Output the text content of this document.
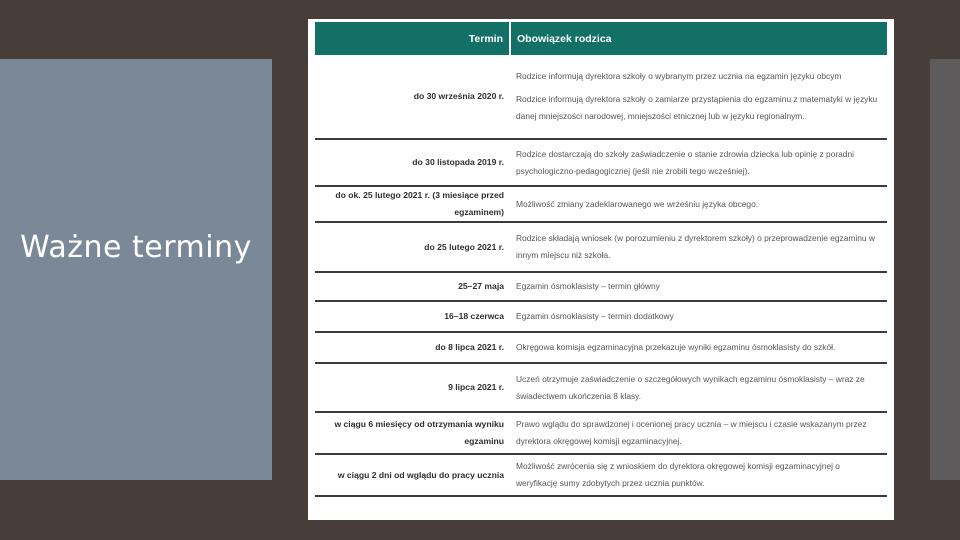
Ważne terminy
Termin	Obowiązek rodzica
do 30 września 2020 r.	Rodzice informują dyrektora szkoły o wybranym przez ucznia na egzamin języku obcym
Rodzice informują dyrektora szkoły o zamiarze przystąpienia do egzaminu z matematyki w języku danej mniejszości narodowej, mniejszości etnicznej lub w języku regionalnym.

do 30 listopada 2019 r.	Rodzice dostarczają do szkoły zaświadczenie o stanie zdrowia dziecka lub opinię z poradni psychologiczno-pedagogicznej (jeśli nie zrobili tego wcześniej).

do ok. 25 lutego 2021 r. (3 miesiące przed egzaminem)	Możliwość zmiany zadeklarowanego we wrześniu języka obcego.

do 25 lutego 2021 r.	Rodzice składają wniosek (w porozumieniu z dyrektorem szkoły) o przeprowadzenie egzaminu w innym miejscu niż szkoła.

25–27 maja	Egzamin ósmoklasisty – termin główny

16–18 czerwca	Egzamin ósmoklasisty – termin dodatkowy

do 8 lipca 2021 r.	Okręgowa komisja egzaminacyjna przekazuje wyniki egzaminu ósmoklasisty do szkół.

9 lipca 2021 r.	Uczeń otrzymuje zaświadczenie o szczegółowych wynikach egzaminu ósmoklasisty – wraz ze świadectwem ukończenia 8 klasy.

w ciągu 6 miesięcy od otrzymania wyniku egzaminu	Prawo wglądu do sprawdzonej i ocenionej pracy ucznia – w miejscu i czasie wskazanym przez dyrektora okręgowej komisji egzaminacyjnej.

w ciągu 2 dni od wglądu do pracy ucznia	Możliwość zwrócenia się z wnioskiem do dyrektora okręgowej komisji egzaminacyjnej o weryfikację sumy zdobytych przez ucznia punktów.
